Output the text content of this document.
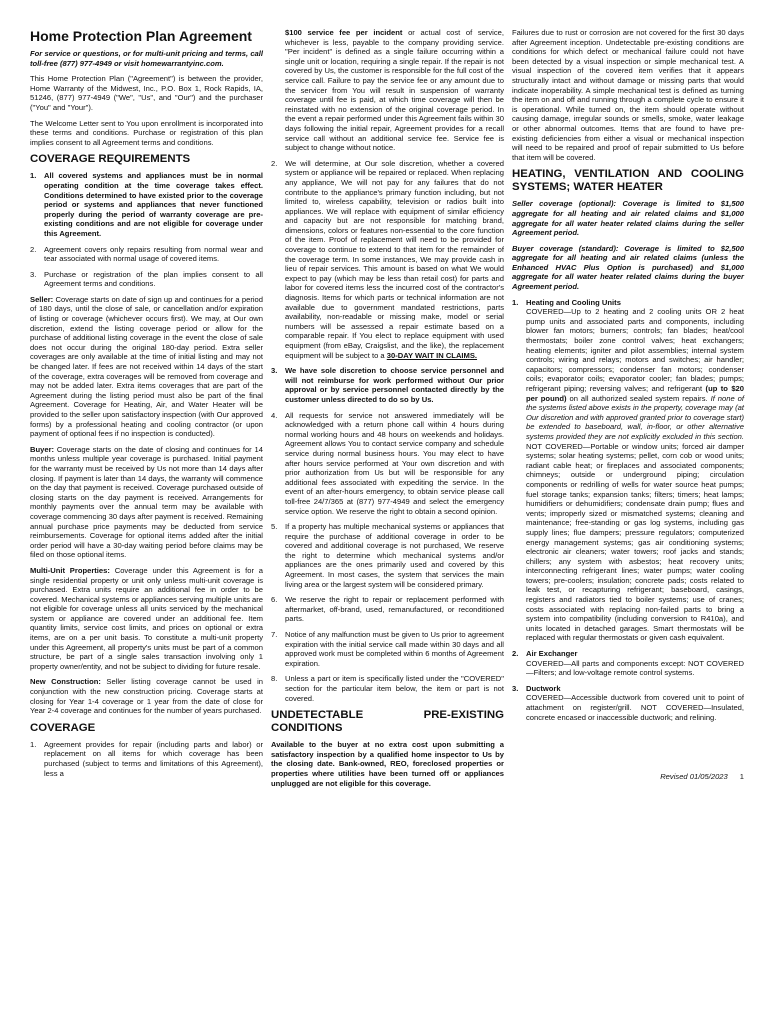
Home Protection Plan Agreement
For service or questions, or for multi-unit pricing and terms, call toll-free (877) 977-4949 or visit homewarrantyinc.com.

This Home Protection Plan ("Agreement") is between the provider, Home Warranty of the Midwest, Inc., P.O. Box 1, Rock Rapids, IA, 51246, (877) 977-4949 ("We", "Us", and "Our") and the purchaser ("You" and "Your").

The Welcome Letter sent to You upon enrollment is incorporated into these terms and conditions. Purchase or registration of this plan implies consent to all Agreement terms and conditions.

COVERAGE REQUIREMENTS
1.	All covered systems and appliances must be in normal operating condition at the time coverage takes effect. Conditions determined to have existed prior to the coverage period or systems and appliances that never functioned properly during the period of warranty coverage are pre-existing conditions and are not eligible for coverage under this Agreement.
2.	Agreement covers only repairs resulting from normal wear and tear associated with normal usage of covered items.
3.	Purchase or registration of the plan implies consent to all Agreement terms and conditions.

Seller: Coverage starts on date of sign up and continues for a period of 180 days, until the close of sale, or cancellation and/or expiration of listing or coverage (whichever occurs first). We may, at Our own discretion, extend the listing coverage period or allow for the purchase of additional listing coverage in the event the close of sale does not occur during the original 180-day period. Extra seller coverages are only available at the time of initial listing and may not be changed later. If fees are not received within 14 days of the start of the coverage, extra coverages will be removed from coverage and may not be added later. Extra items coverages that are part of the Agreement during the listing period must also be part of the final Agreement. Coverage for Heating, Air, and Water Heater will be provided to the seller upon satisfactory inspection (with Our approved forms) by a professional heating and cooling contractor (or upon payment of optional fees if no inspection is conducted).

Buyer: Coverage starts on the date of closing and continues for 14 months unless multiple year coverage is purchased. Initial payment for the warranty must be received by Us not more than 14 days after closing. If payment is later than 14 days, the warranty will commence on the day that payment is received. Coverage purchased outside of closing starts on the day payment is received. Arrangements for monthly payments over the annual term may be available with coverage commencing 30 days after payment is received. Remaining annual purchase price payments may be deducted from service reimbursements. Coverage for optional items added after the initial order period will have a 30-day waiting period before claims may be filed on those optional items.

Multi-Unit Properties: Coverage under this Agreement is for a single residential property or unit only unless multi-unit coverage is purchased. Extra units require an additional fee in order to be covered. Mechanical systems or appliances serving multiple units are not eligible for coverage unless all units serviced by the mechanical system or appliance are covered under an additional fee. Item quantity limits, service cost limits, and prices on optional or extra items, are on a per unit basis. To constitute a multi-unit property under this Agreement, all property's units must be part of a common structure, be part of a single sales transaction involving only 1 property owner/entity, and not be subject to dividing for future resale.

New Construction: Seller listing coverage cannot be used in conjunction with the new construction pricing. Coverage starts at closing for Year 1-4 coverage or 1 year from the date of close for Year 2-4 coverage and continues for the number of years purchased.

COVERAGE
1.	Agreement provides for repair (including parts and labor) or replacement on all items for which coverage has been purchased (subject to terms and limitations of this Agreement), less a
$100 service fee per incident or actual cost of service, whichever is less, payable to the company providing service. "Per incident" is defined as a single failure occurring within a single unit or location, requiring a single repair. If the repair is not covered by Us, the customer is responsible for the full cost of the service call. Failure to pay the service fee or any amount due to the servicer from You will result in suspension of warranty coverage until fee is paid, at which time coverage will then be reinstated with no extension of the original coverage period. In the event a repair performed under this Agreement fails within 30 days following the initial repair, Agreement provides for a recall service call without an additional service fee. Service fee is subject to change without notice.
2.	We will determine, at Our sole discretion, whether a covered system or appliance will be repaired or replaced. When replacing any appliance, We will not pay for any failures that do not contribute to the appliance's primary function including, but not limited to, wireless capability, television or radios built into appliances. We will replace with equipment of similar efficiency and capacity but are not responsible for matching brand, dimensions, colors or features non-essential to the core function of the item. Proof of replacement will need to be provided for coverage to continue to extend to that item for the remainder of the coverage term. In some instances, We may provide cash in lieu of repair services. This amount is based on what We would expect to pay (which may be less than retail cost) for parts and labor for covered items less the incurred cost of the contractor's diagnosis. Items for which parts or technical information are not available due to government mandated restrictions, parts availability, non-readable or missing make, model or serial numbers will be assessed a repair estimate based on a comparable repair. If You elect to replace equipment with used equipment (from eBay, Craigslist, and the like), the replacement equipment will be subject to a 30-DAY WAIT IN CLAIMS.
3.	We have sole discretion to choose service personnel and will not reimburse for work performed without Our prior approval or by service personnel contacted directly by the customer unless directed to do so by Us.
4.	All requests for service not answered immediately will be acknowledged with a return phone call within 4 hours during normal working hours and 48 hours on weekends and holidays. Agreement allows You to contact service company and schedule service during normal business hours. You may elect to have after hours service performed at Your own discretion and with prior authorization from Us but will be responsible for any additional fees associated with expediting the service. In the event of an after-hours emergency, to obtain service please call toll-free 24/7/365 at (877) 977-4949 and select the emergency service option. We reserve the right to obtain a second opinion.
5.	If a property has multiple mechanical systems or appliances that require the purchase of additional coverage in order to be covered and additional coverage is not purchased, We reserve the right to determine which mechanical systems and/or appliances are the ones primarily used and covered by this Agreement. In most cases, the system that services the main living area or the largest system will be considered primary.
6.	We reserve the right to repair or replacement performed with aftermarket, off-brand, used, remanufactured, or reconditioned parts.
7.	Notice of any malfunction must be given to Us prior to agreement expiration with the initial service call made within 30 days and all approved work must be completed within 6 months of Agreement expiration.
8.	Unless a part or item is specifically listed under the "COVERED" section for the particular item below, the item or part is not covered.
UNDETECTABLE PRE-EXISTING CONDITIONS

Available to the buyer at no extra cost upon submitting a satisfactory inspection by a qualified home inspector to Us by the closing date. Bank-owned, REO, foreclosed properties or properties where utilities have been turned off or appliances unplugged are not eligible for this coverage.

Failures due to rust or corrosion are not covered for the first 30 days after Agreement inception. Undetectable pre-existing conditions are conditions for which defect or mechanical failure could not have been detected by a visual inspection or simple mechanical test. A visual inspection of the covered item verifies that it appears structurally intact and without damage or missing parts that would indicate inoperability. A simple mechanical test is defined as turning the item on and off and running through a complete cycle to ensure it is operational. While turned on, the item should operate without causing damage, irregular sounds or smells, smoke, water leakage or other abnormal outcomes. Items that are found to have pre-existing deficiencies from either a visual or mechanical inspection will need to be repaired and proof of repair submitted to Us before that item will be covered.

HEATING, VENTILATION AND COOLING SYSTEMS; WATER HEATER

Seller coverage (optional): Coverage is limited to $1,500 aggregate for all heating and air related claims and $1,000 aggregate for all water heater related claims during the seller Agreement period.

Buyer coverage (standard): Coverage is limited to $2,500 aggregate for all heating and air related claims (unless the Enhanced HVAC Plus Option is purchased) and $1,000 aggregate for all water heater related claims during the buyer Agreement period.

1.	Heating and Cooling Units
COVERED—Up to 2 heating and 2 cooling units OR 2 heat pump units and associated parts and components, including blower fan motors; burners; controls; fan blades; heat/cool thermostats; boiler zone control valves; heat exchangers; heating elements; igniter and pilot assemblies; internal system controls; wiring and relays; motors and switches; air handler; capacitors; compressors; condenser fan motors; condenser coils; evaporator coils; evaporator cooler; fan blades; pumps; refrigerant piping; reversing valves; and refrigerant (up to $20 per pound) on all authorized sealed system repairs. If none of the systems listed above exists in the property, coverage may (at Our discretion and with approved granted prior to coverage start) be extended to baseboard, wall, in-floor, or other alternative systems provided they are not explicitly excluded in this section. NOT COVERED—Portable or window units; forced air damper systems; solar heating systems; pellet, corn cob or wood units; radiant cable heat; or fireplaces and associated components; chimneys; outside or underground piping; circulation components or redrilling of wells for water source heat pumps; fuel storage tanks; expansion tanks; filters; timers; heat lamps; humidifiers or dehumidifiers; condensate drain pump; flues and vents; improperly sized or mismatched systems; cleaning and maintenance; free-standing or gas log systems, including gas supply lines; flue dampers; pressure regulators; computerized energy management systems; gas air conditioning systems; electronic air cleaners; water towers; roof jacks and stands; chillers; any system with asbestos; heat recovery units; interconnecting refrigerant lines; water pumps; water cooling towers; pre-coolers; insulation; concrete pads; costs related to leak test, or recapturing refrigerant; baseboard, casings, registers and radiators tied to boiler systems; use of cranes; costs associated with replacing non-failed parts to bring a system into compatibility (including conversion to R410a), and units located in detached garages. Smart thermostats will be replaced with regular thermostats or given cash equivalent.
2.	Air Exchanger
COVERED—All parts and components except: NOT COVERED—Filters; and low-voltage remote control systems.
3.	Ductwork
COVERED—Accessible ductwork from covered unit to point of attachment on register/grill. NOT COVERED—Insulated, concrete encased or inaccessible ductwork; and relining.
Revised 01/05/2023 1
